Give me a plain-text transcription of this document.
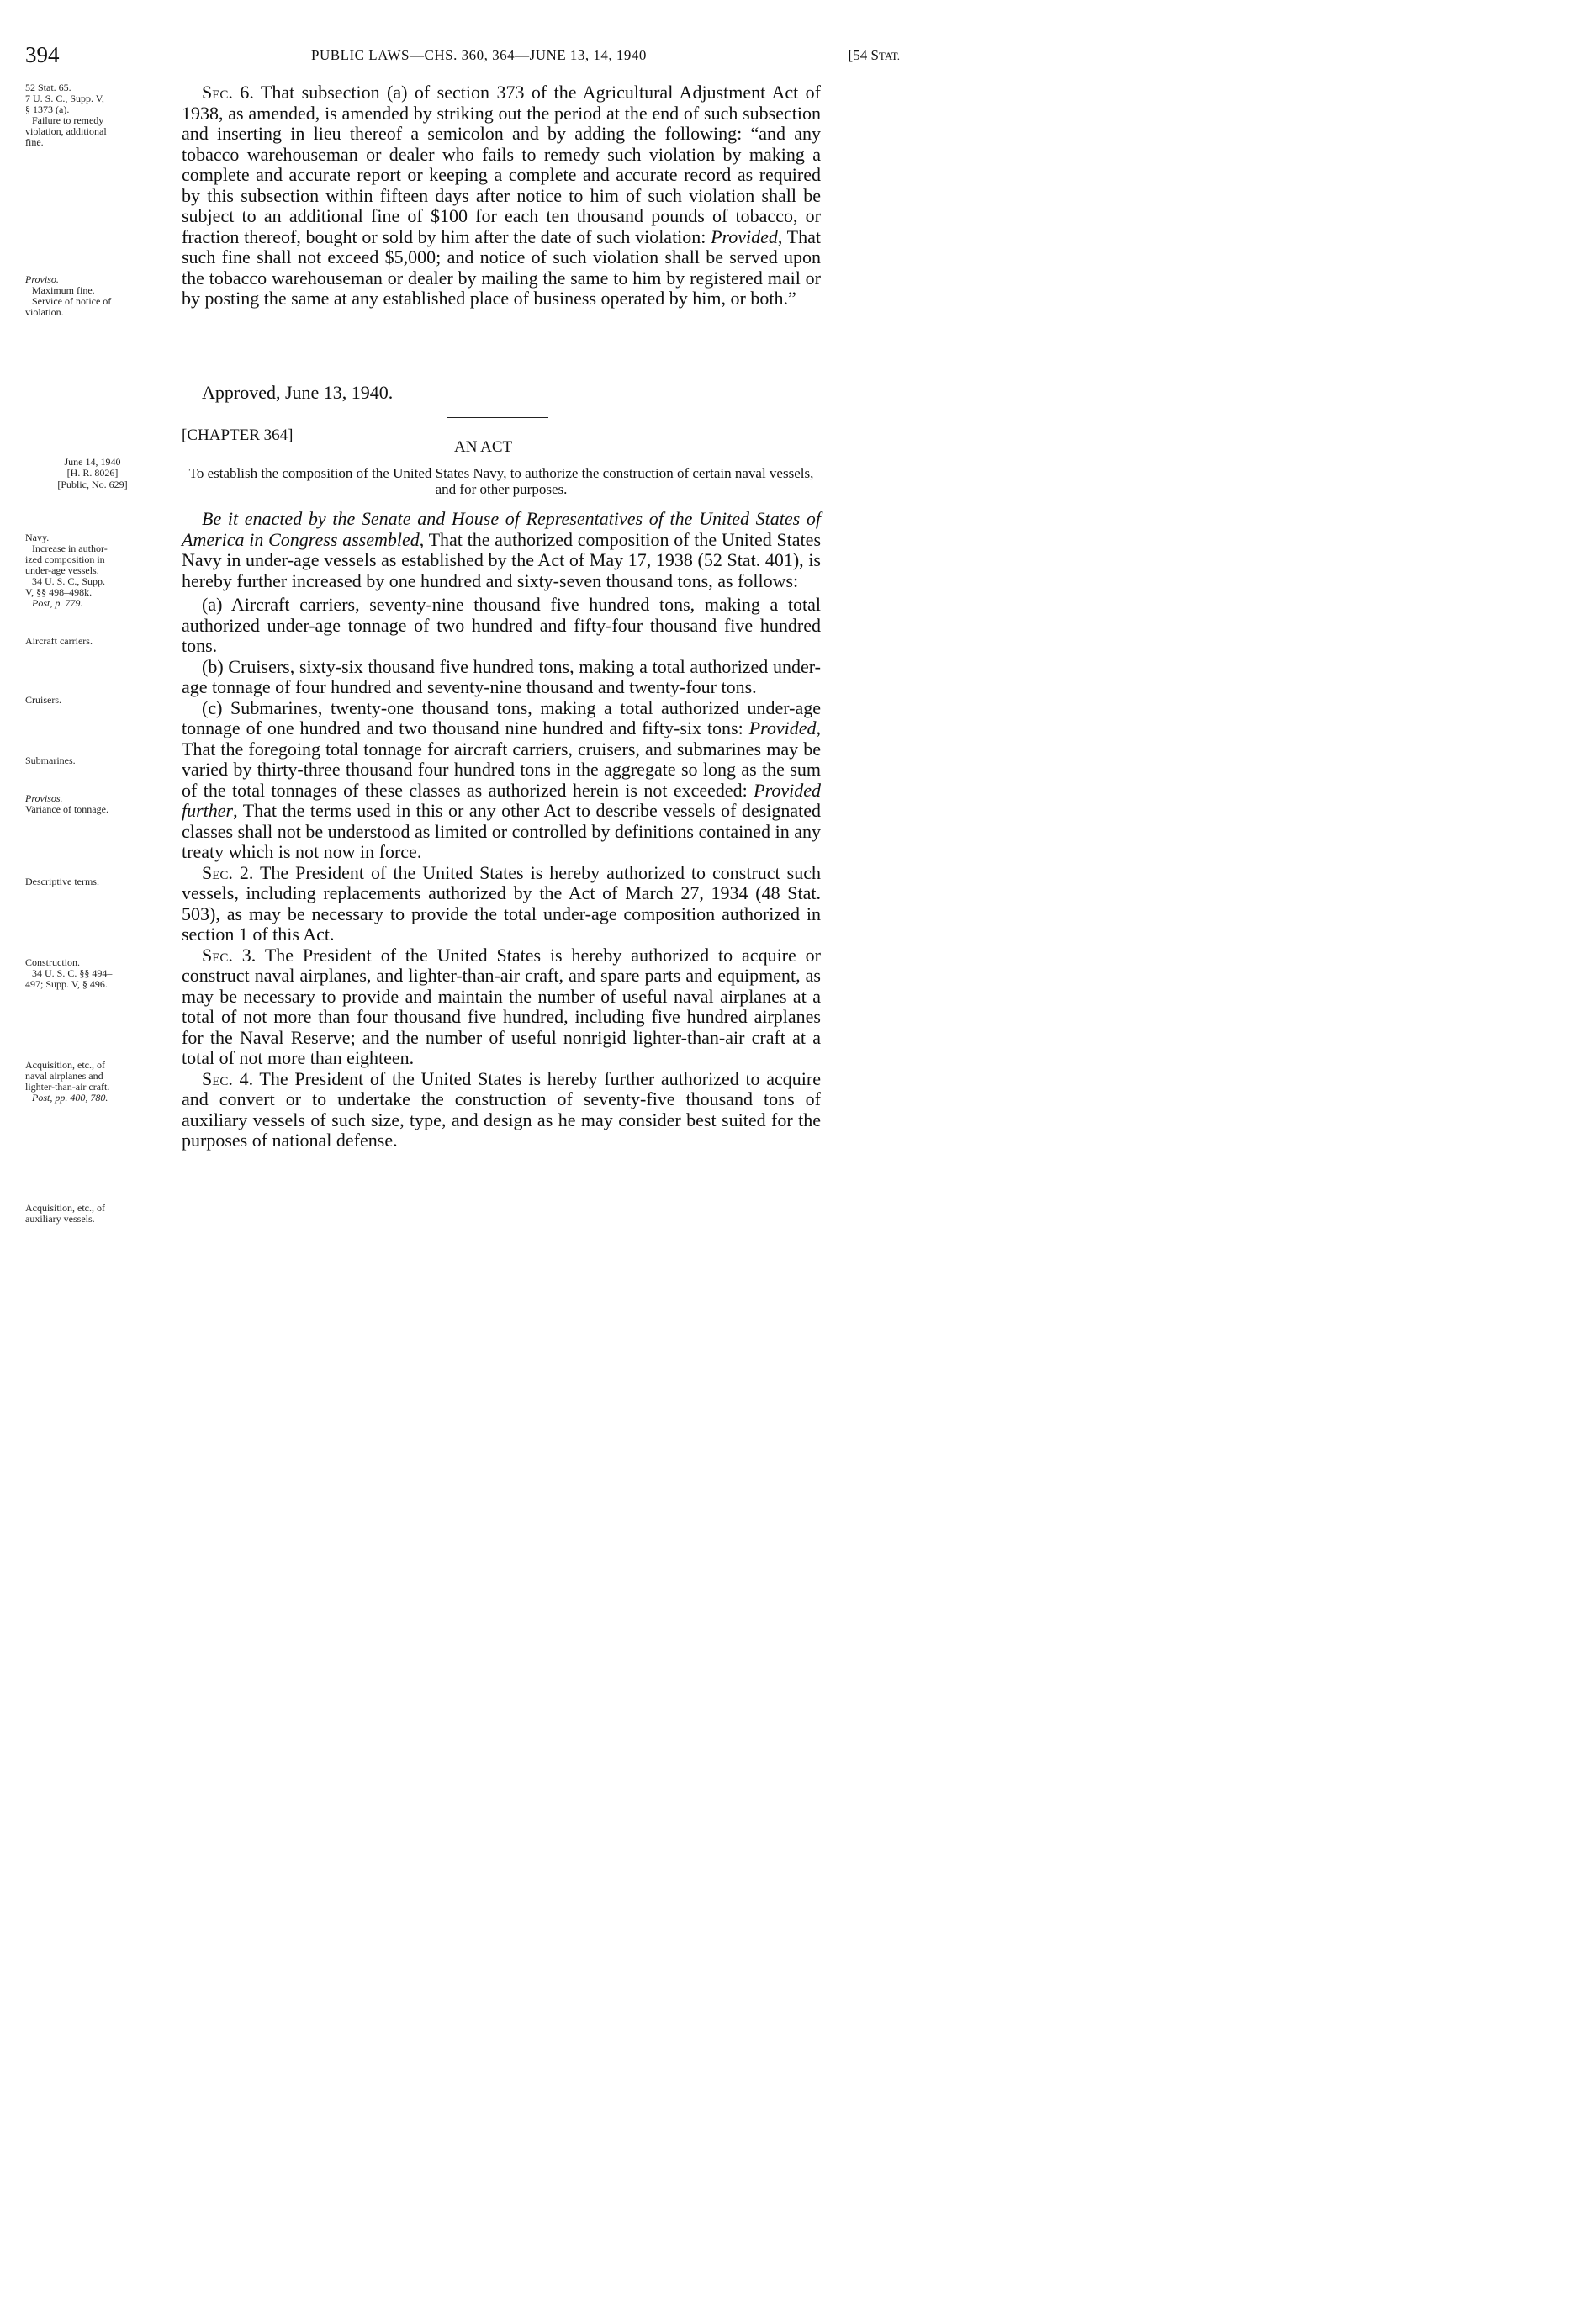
394	PUBLIC LAWS—CHS. 360, 364—JUNE 13, 14, 1940	[54 STAT.
52 Stat. 65.
7 U. S. C., Supp. V,
§ 1373 (a).
Failure to remedy
violation, additional
fine.
Proviso.
Maximum fine.
Service of notice of
violation.
June 14, 1940
[H. R. 8026]
[Public, No. 629]
Navy.
Increase in author-
ized composition in
under-age vessels.
34 U. S. C., Supp.
V, §§ 498–498k.
Post, p. 779.
Aircraft carriers.
Cruisers.
Submarines.
Provisos.
Variance of tonnage.
Descriptive terms.
Construction.
34 U. S. C. §§ 494–
497; Supp. V, § 496.
Acquisition, etc., of
naval airplanes and
lighter-than-air craft.
Post, pp. 400, 780.
Acquisition, etc., of
auxiliary vessels.

Sec. 6. That subsection (a) of section 373 of the Agricultural Adjustment Act of 1938, as amended, is amended by striking out the period at the end of such subsection and inserting in lieu thereof a semicolon and by adding the following: “and any tobacco warehouseman or dealer who fails to remedy such violation by making a complete and accurate report or keeping a complete and accurate record as required by this subsection within fifteen days after notice to him of such violation shall be subject to an additional fine of $100 for each ten thousand pounds of tobacco, or fraction thereof, bought or sold by him after the date of such violation: Provided, That such fine shall not exceed $5,000; and notice of such violation shall be served upon the tobacco warehouseman or dealer by mailing the same to him by registered mail or by posting the same at any established place of business operated by him, or both.”

Approved, June 13, 1940.
[CHAPTER 364]
AN ACT
To establish the composition of the United States Navy, to authorize the construction of certain naval vessels, and for other purposes.

Be it enacted by the Senate and House of Representatives of the United States of America in Congress assembled, That the authorized composition of the United States Navy in under-age vessels as established by the Act of May 17, 1938 (52 Stat. 401), is hereby further increased by one hundred and sixty-seven thousand tons, as follows:

(a) Aircraft carriers, seventy-nine thousand five hundred tons, making a total authorized under-age tonnage of two hundred and fifty-four thousand five hundred tons.

(b) Cruisers, sixty-six thousand five hundred tons, making a total authorized under-age tonnage of four hundred and seventy-nine thousand and twenty-four tons.

(c) Submarines, twenty-one thousand tons, making a total authorized under-age tonnage of one hundred and two thousand nine hundred and fifty-six tons: Provided, That the foregoing total tonnage for aircraft carriers, cruisers, and submarines may be varied by thirty-three thousand four hundred tons in the aggregate so long as the sum of the total tonnages of these classes as authorized herein is not exceeded: Provided further, That the terms used in this or any other Act to describe vessels of designated classes shall not be understood as limited or controlled by definitions contained in any treaty which is not now in force.

Sec. 2. The President of the United States is hereby authorized to construct such vessels, including replacements authorized by the Act of March 27, 1934 (48 Stat. 503), as may be necessary to provide the total under-age composition authorized in section 1 of this Act.

Sec. 3. The President of the United States is hereby authorized to acquire or construct naval airplanes, and lighter-than-air craft, and spare parts and equipment, as may be necessary to provide and maintain the number of useful naval airplanes at a total of not more than four thousand five hundred, including five hundred airplanes for the Naval Reserve; and the number of useful nonrigid lighter-than-air craft at a total of not more than eighteen.

Sec. 4. The President of the United States is hereby further authorized to acquire and convert or to undertake the construction of seventy-five thousand tons of auxiliary vessels of such size, type, and design as he may consider best suited for the purposes of national defense.
